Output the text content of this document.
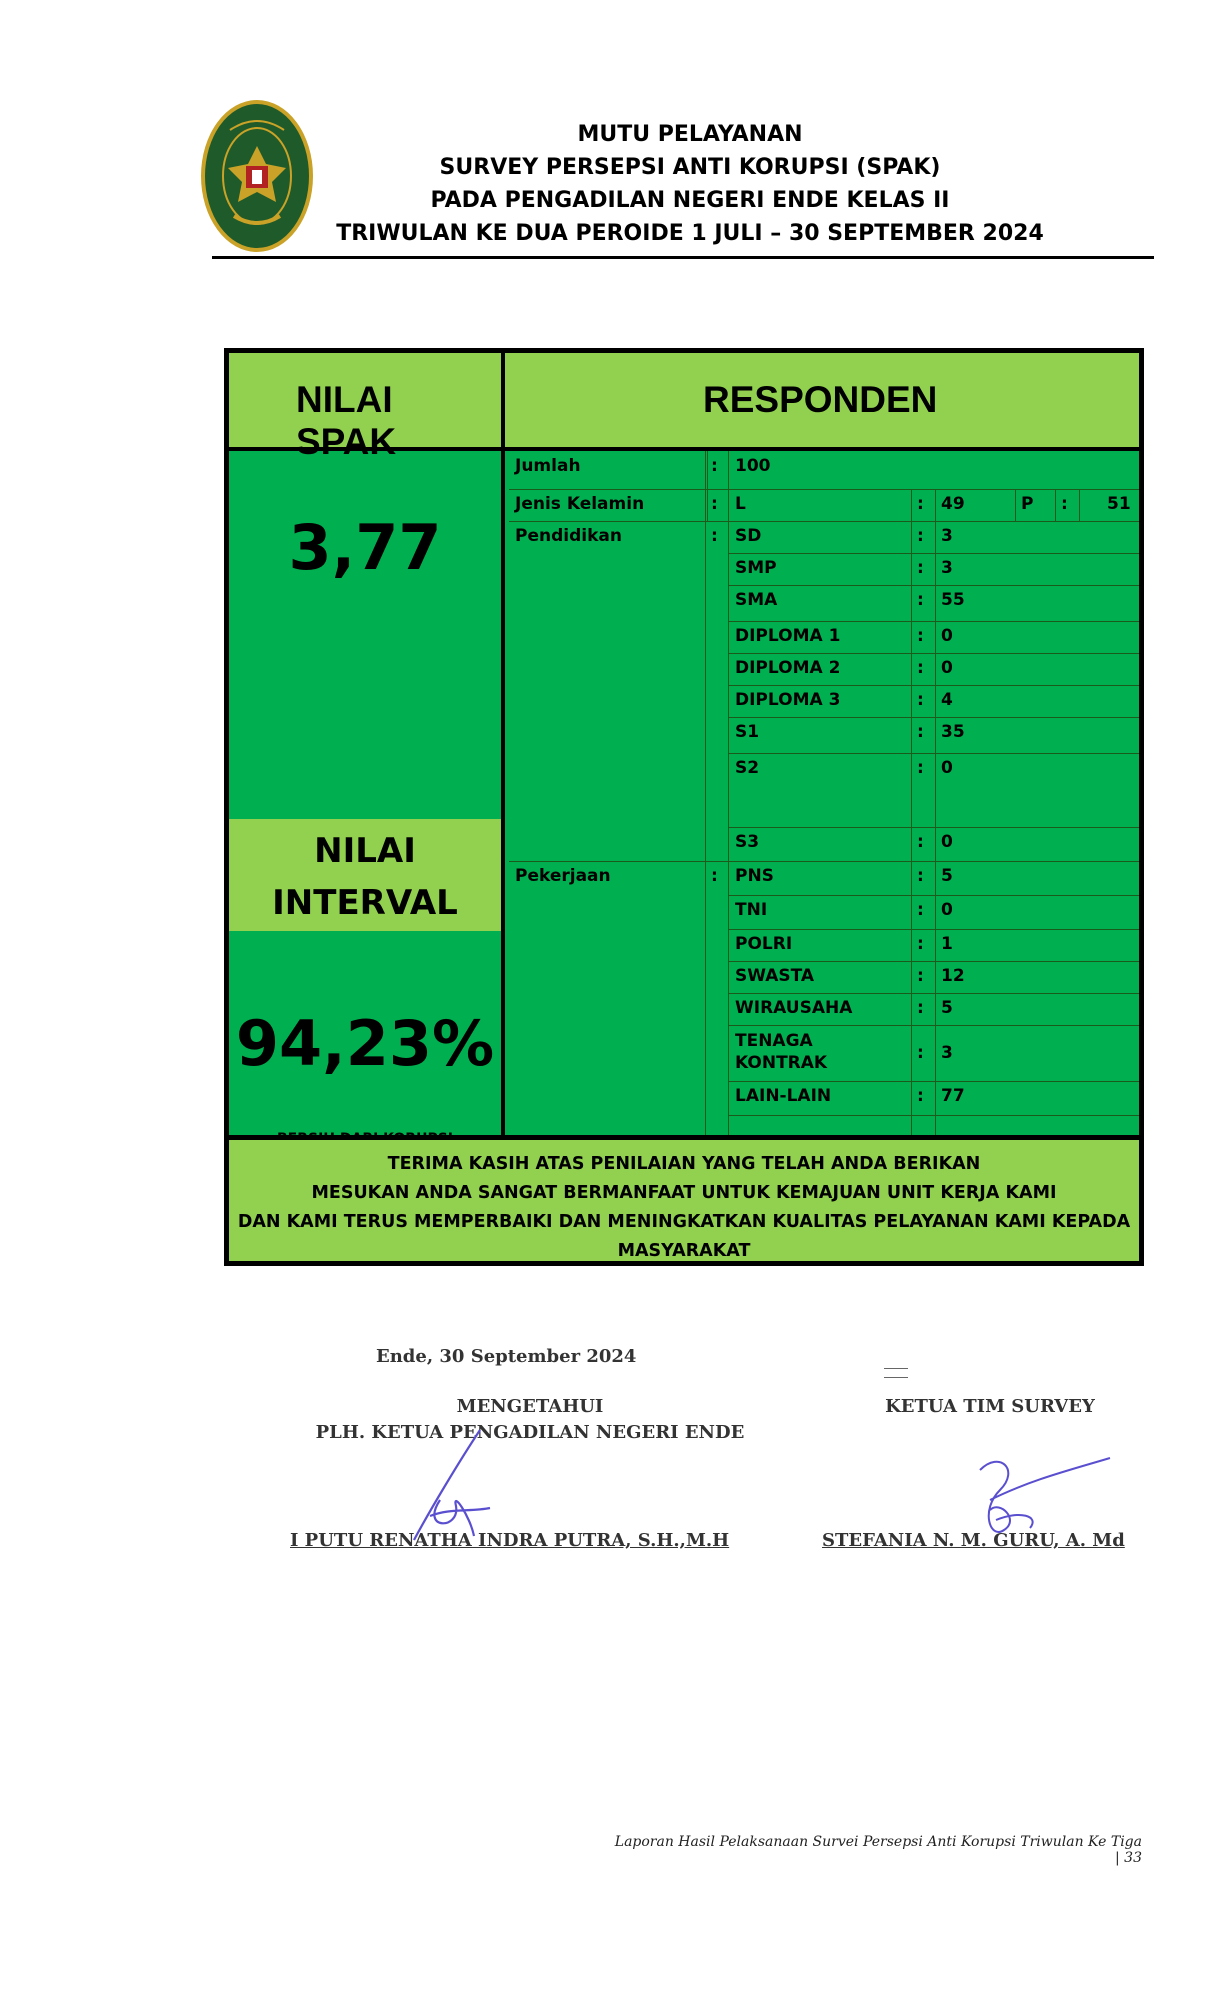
MUTU PELAYANAN
SURVEY PERSEPSI ANTI KORUPSI (SPAK)
PADA PENGADILAN NEGERI ENDE KELAS II
TRIWULAN KE DUA PEROIDE 1 JULI – 30 SEPTEMBER 2024
NILAI SPAK
RESPONDEN
3,77
NILAI
INTERVAL
94,23%
Jumlah	:	100
Jenis Kelamin	:	L	:	49	P	:	51
Pendidikan	:	SD	:	3
SMP	:	3
SMA	:	55
DIPLOMA 1	:	0
DIPLOMA 2	:	0
DIPLOMA 3	:	4
S1	:	35
S2	:	0
S3	:	0
Pekerjaan	:	PNS	:	5
TNI	:	0
POLRI	:	1
SWASTA	:	12
WIRAUSAHA	:	5
TENAGA KONTRAK	:	3
LAIN-LAIN	:	77
TERIMA KASIH ATAS PENILAIAN YANG TELAH ANDA BERIKAN
MESUKAN ANDA SANGAT BERMANFAAT UNTUK KEMAJUAN UNIT KERJA KAMI
DAN KAMI TERUS MEMPERBAIKI DAN MENINGKATKAN KUALITAS PELAYANAN KAMI KEPADA
MASYARAKAT
Ende, 30 September 2024
MENGETAHUI
PLH. KETUA PENGADILAN NEGERI ENDE
KETUA TIM SURVEY
I PUTU RENATHA INDRA PUTRA, S.H.,M.H	STEFANIA N. M. GURU, A. Md
Laporan Hasil Pelaksanaan Survei Persepsi Anti Korupsi Triwulan Ke Tiga | 33
